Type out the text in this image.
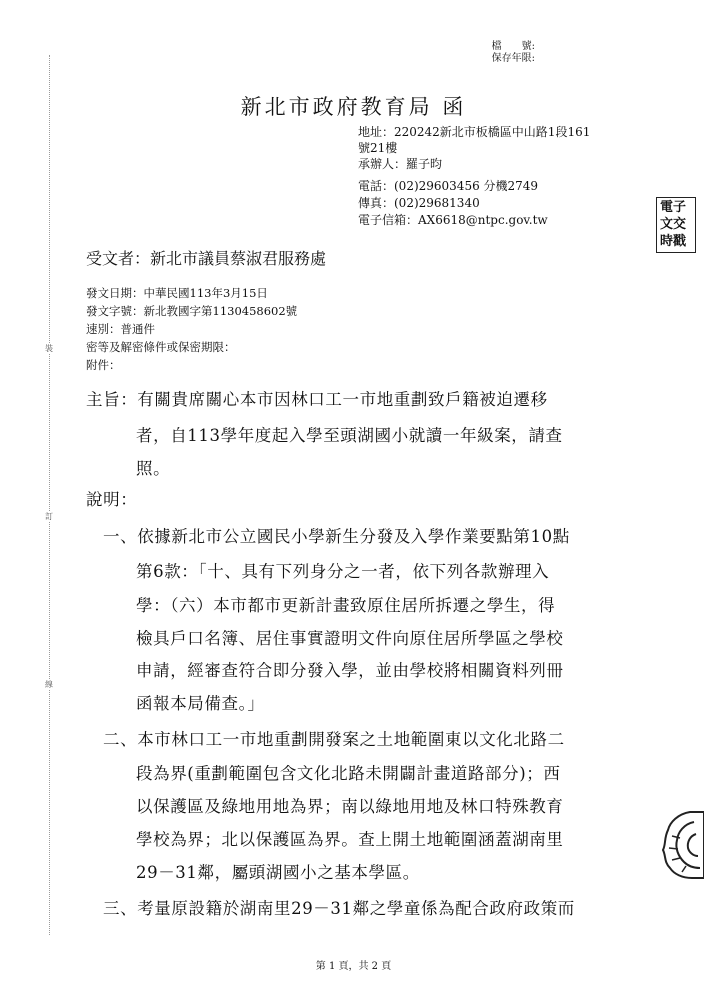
裝
訂
線
檔　　號:
保存年限:
新北市政府教育局 函
地址：220242新北市板橋區中山路1段161
號21樓
承辦人：羅子昀
電話：(02)29603456 分機2749
傳真：(02)29681340
電子信箱：AX6618@ntpc.gov.tw
受文者：新北市議員蔡淑君服務處
發文日期：中華民國113年3月15日
發文字號：新北教國字第1130458602號
速別：普通件
密等及解密條件或保密期限：
附件：
主旨：有關貴席關心本市因林口工一市地重劃致戶籍被迫遷移
者，自113學年度起入學至頭湖國小就讀一年級案，請查
照。
說明：
一、依據新北市公立國民小學新生分發及入學作業要點第10點
第6款：「十、具有下列身分之一者，依下列各款辦理入
學：（六）本市都市更新計畫致原住居所拆遷之學生，得
檢具戶口名簿、居住事實證明文件向原住居所學區之學校
申請，經審查符合即分發入學，並由學校將相關資料列冊
函報本局備查。」
二、本市林口工一市地重劃開發案之土地範圍東以文化北路二
段為界(重劃範圍包含文化北路未開闢計畫道路部分)；西
以保護區及綠地用地為界；南以綠地用地及林口特殊教育
學校為界；北以保護區為界。查上開土地範圍涵蓋湖南里
29－31鄰，屬頭湖國小之基本學區。
三、考量原設籍於湖南里29－31鄰之學童係為配合政府政策而
電子
文交
時戳
第 1 頁，共 2 頁
